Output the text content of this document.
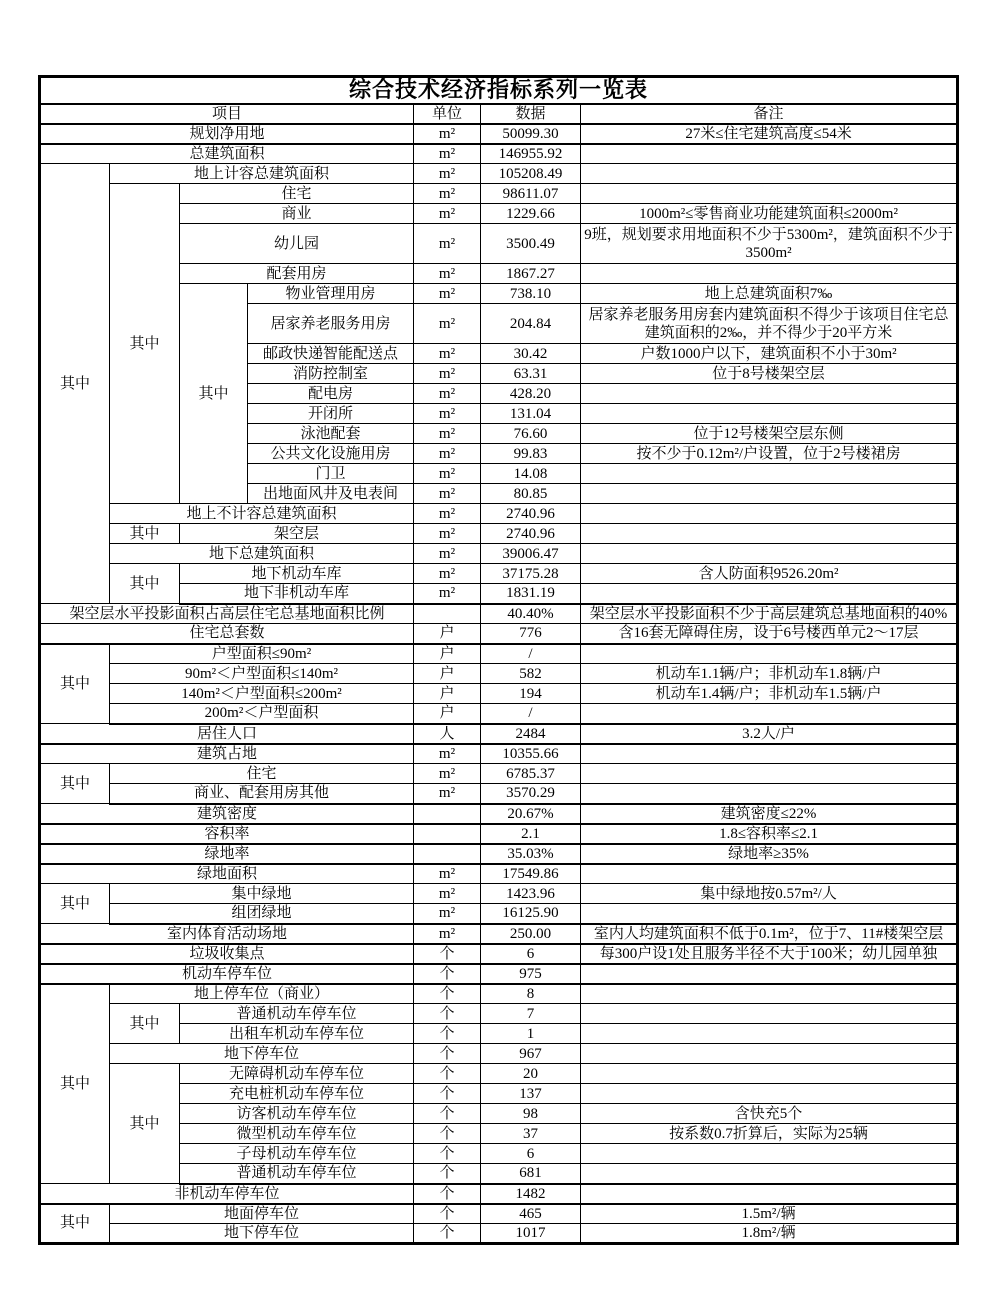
综合技术经济指标系列一览表						
项目				单位	数据	备注
规划净用地				m²	50099.30	27米≤住宅建筑高度≤54米
总建筑面积				m²	146955.92	
其中	地上计容总建筑面积			m²	105208.49	
	其中	住宅		m²	98611.07	
		商业		m²	1229.66	1000m²≤零售商业功能建筑面积≤2000m²
		幼儿园		m²	3500.49	9班，规划要求用地面积不少于5300m²，建筑面积不少于3500m²
		配套用房		m²	1867.27	
		其中	物业管理用房	m²	738.10	地上总建筑面积7‰
			居家养老服务用房	m²	204.84	居家养老服务用房套内建筑面积不得少于该项目住宅总建筑面积的2‰，并不得少于20平方米
			邮政快递智能配送点	m²	30.42	户数1000户以下，建筑面积不小于30m²
			消防控制室	m²	63.31	位于8号楼架空层
			配电房	m²	428.20	
			开闭所	m²	131.04	
			泳池配套	m²	76.60	位于12号楼架空层东侧
			公共文化设施用房	m²	99.83	按不少于0.12m²/户设置，位于2号楼裙房
			门卫	m²	14.08	
			出地面风井及电表间	m²	80.85	
	地上不计容总建筑面积			m²	2740.96	
	其中	架空层		m²	2740.96	
	地下总建筑面积			m²	39006.47	
	其中	地下机动车库		m²	37175.28	含人防面积9526.20m²
		地下非机动车库		m²	1831.19	
架空层水平投影面积占高层住宅总基地面积比例					40.40%	架空层水平投影面积不少于高层建筑总基地面积的40%
住宅总套数				户	776	含16套无障碍住房，设于6号楼西单元2～17层
其中	户型面积≤90m²			户	/	
	90m²＜户型面积≤140m²			户	582	机动车1.1辆/户；非机动车1.8辆/户
	140m²＜户型面积≤200m²			户	194	机动车1.4辆/户；非机动车1.5辆/户
	200m²＜户型面积			户	/	
居住人口				人	2484	3.2人/户
建筑占地				m²	10355.66	
其中	住宅			m²	6785.37	
	商业、配套用房其他			m²	3570.29	
建筑密度					20.67%	建筑密度≤22%
容积率					2.1	1.8≤容积率≤2.1
绿地率					35.03%	绿地率≥35%
绿地面积				m²	17549.86	
其中	集中绿地			m²	1423.96	集中绿地按0.57m²/人
	组团绿地			m²	16125.90	
室内体育活动场地				m²	250.00	室内人均建筑面积不低于0.1m²，位于7、11#楼架空层
垃圾收集点				个	6	每300户设1处且服务半径不大于100米；幼儿园单独
机动车停车位				个	975	
其中	地上停车位（商业）			个	8	
	其中	普通机动车停车位		个	7	
		出租车机动车停车位		个	1	
	地下停车位			个	967	
	其中	无障碍机动车停车位		个	20	
		充电桩机动车停车位		个	137	
		访客机动车停车位		个	98	含快充5个
		微型机动车停车位		个	37	按系数0.7折算后，实际为25辆
		子母机动车停车位		个	6	
		普通机动车停车位		个	681	
非机动车停车位				个	1482	
其中	地面停车位			个	465	1.5m²/辆
	地下停车位			个	1017	1.8m²/辆
